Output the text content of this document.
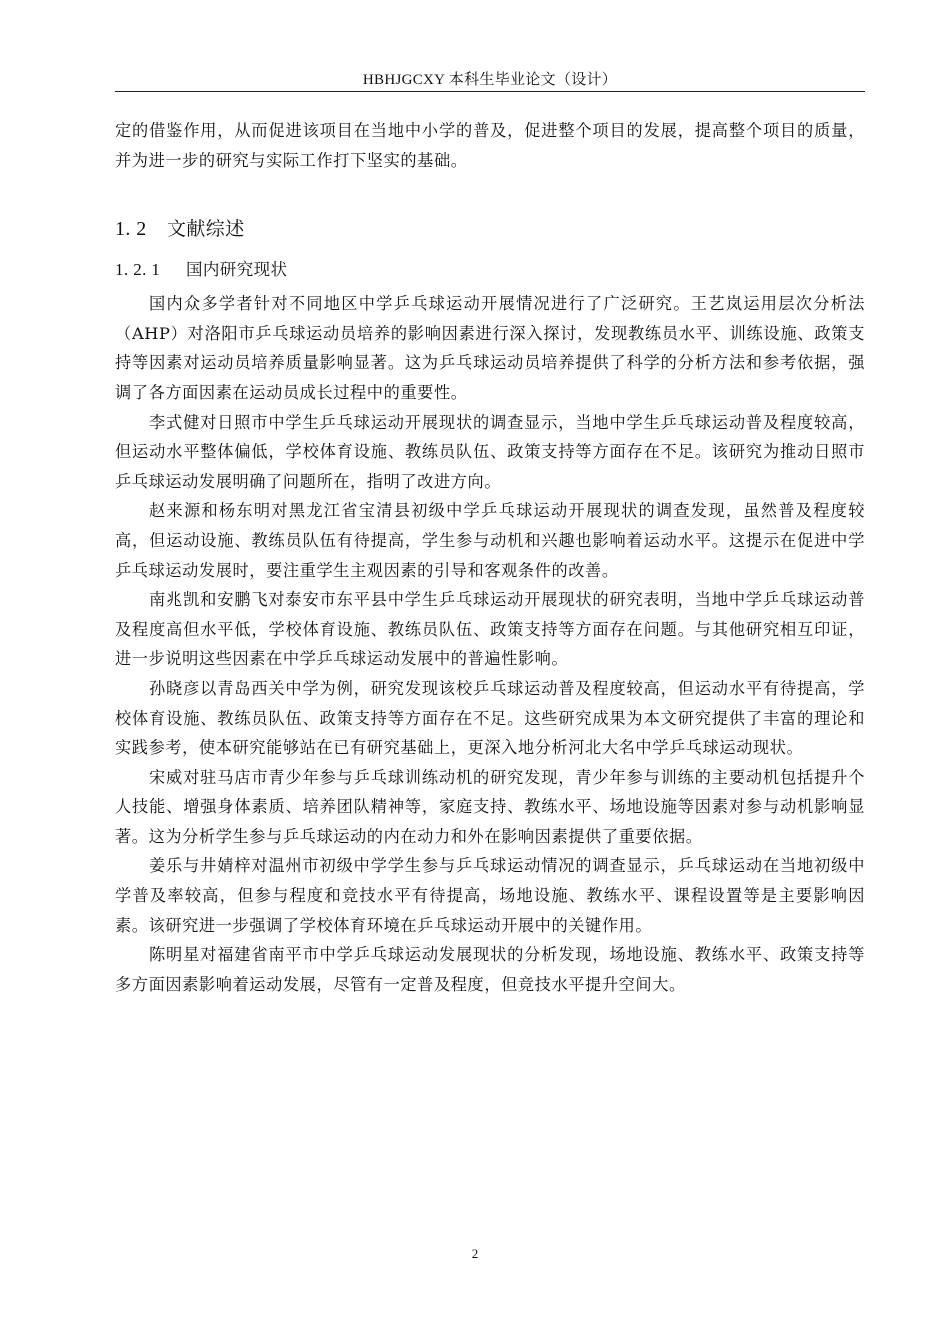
HBHJGCXY 本科生毕业论文（设计）

定的借鉴作用，从而促进该项目在当地中小学的普及，促进整个项目的发展，提高整个项目的质量，并为进一步的研究与实际工作打下坚实的基础。

1. 2 文献综述
1. 2. 1 国内研究现状

国内众多学者针对不同地区中学乒乓球运动开展情况进行了广泛研究。王艺岚运用层次分析法（AHP）对洛阳市乒乓球运动员培养的影响因素进行深入探讨，发现教练员水平、训练设施、政策支持等因素对运动员培养质量影响显著。这为乒乓球运动员培养提供了科学的分析方法和参考依据，强调了各方面因素在运动员成长过程中的重要性。

李式健对日照市中学生乒乓球运动开展现状的调查显示，当地中学生乒乓球运动普及程度较高，但运动水平整体偏低，学校体育设施、教练员队伍、政策支持等方面存在不足。该研究为推动日照市乒乓球运动发展明确了问题所在，指明了改进方向。

赵来源和杨东明对黑龙江省宝清县初级中学乒乓球运动开展现状的调查发现，虽然普及程度较高，但运动设施、教练员队伍有待提高，学生参与动机和兴趣也影响着运动水平。这提示在促进中学乒乓球运动发展时，要注重学生主观因素的引导和客观条件的改善。

南兆凯和安鹏飞对泰安市东平县中学生乒乓球运动开展现状的研究表明，当地中学乒乓球运动普及程度高但水平低，学校体育设施、教练员队伍、政策支持等方面存在问题。与其他研究相互印证，进一步说明这些因素在中学乒乓球运动发展中的普遍性影响。

孙晓彦以青岛西关中学为例，研究发现该校乒乓球运动普及程度较高，但运动水平有待提高，学校体育设施、教练员队伍、政策支持等方面存在不足。这些研究成果为本文研究提供了丰富的理论和实践参考，使本研究能够站在已有研究基础上，更深入地分析河北大名中学乒乓球运动现状。

宋威对驻马店市青少年参与乒乓球训练动机的研究发现，青少年参与训练的主要动机包括提升个人技能、增强身体素质、培养团队精神等，家庭支持、教练水平、场地设施等因素对参与动机影响显著。这为分析学生参与乒乓球运动的内在动力和外在影响因素提供了重要依据。

姜乐与井婧梓对温州市初级中学学生参与乒乓球运动情况的调查显示，乒乓球运动在当地初级中学普及率较高，但参与程度和竞技水平有待提高，场地设施、教练水平、课程设置等是主要影响因素。该研究进一步强调了学校体育环境在乒乓球运动开展中的关键作用。

陈明星对福建省南平市中学乒乓球运动发展现状的分析发现，场地设施、教练水平、政策支持等多方面因素影响着运动发展，尽管有一定普及程度，但竞技水平提升空间大。

2
